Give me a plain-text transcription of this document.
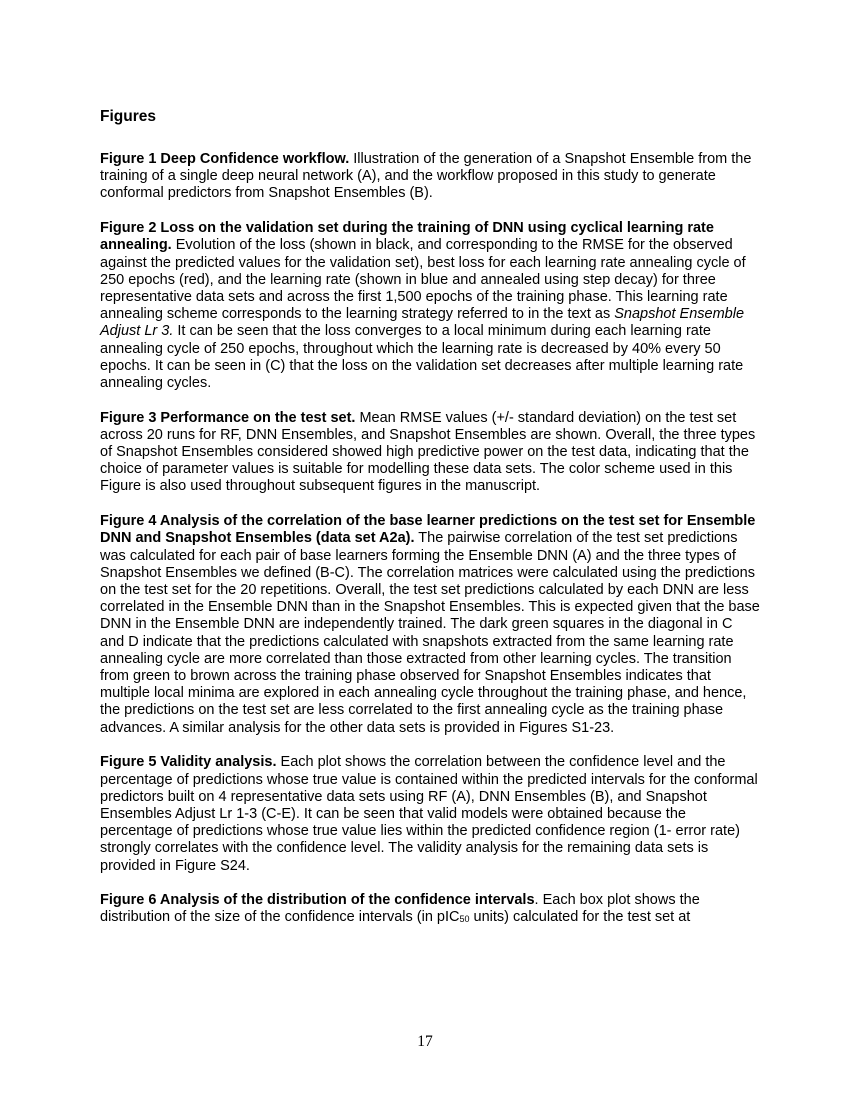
Figures

Figure 1 Deep Confidence workflow. Illustration of the generation of a Snapshot Ensemble from the training of a single deep neural network (A), and the workflow proposed in this study to generate conformal predictors from Snapshot Ensembles (B).

Figure 2 Loss on the validation set during the training of DNN using cyclical learning rate annealing. Evolution of the loss (shown in black, and corresponding to the RMSE for the observed against the predicted values for the validation set), best loss for each learning rate annealing cycle of 250 epochs (red), and the learning rate (shown in blue and annealed using step decay) for three representative data sets and across the first 1,500 epochs of the training phase. This learning rate annealing scheme corresponds to the learning strategy referred to in the text as Snapshot Ensemble Adjust Lr 3. It can be seen that the loss converges to a local minimum during each learning rate annealing cycle of 250 epochs, throughout which the learning rate is decreased by 40% every 50 epochs. It can be seen in (C) that the loss on the validation set decreases after multiple learning rate annealing cycles.

Figure 3 Performance on the test set. Mean RMSE values (+/- standard deviation) on the test set across 20 runs for RF, DNN Ensembles, and Snapshot Ensembles are shown. Overall, the three types of Snapshot Ensembles considered showed high predictive power on the test data, indicating that the choice of parameter values is suitable for modelling these data sets. The color scheme used in this Figure is also used throughout subsequent figures in the manuscript.

Figure 4 Analysis of the correlation of the base learner predictions on the test set for Ensemble DNN and Snapshot Ensembles (data set A2a). The pairwise correlation of the test set predictions was calculated for each pair of base learners forming the Ensemble DNN (A) and the three types of Snapshot Ensembles we defined (B-C). The correlation matrices were calculated using the predictions on the test set for the 20 repetitions. Overall, the test set predictions calculated by each DNN are less correlated in the Ensemble DNN than in the Snapshot Ensembles. This is expected given that the base DNN in the Ensemble DNN are independently trained. The dark green squares in the diagonal in C and D indicate that the predictions calculated with snapshots extracted from the same learning rate annealing cycle are more correlated than those extracted from other learning cycles. The transition from green to brown across the training phase observed for Snapshot Ensembles indicates that multiple local minima are explored in each annealing cycle throughout the training phase, and hence, the predictions on the test set are less correlated to the first annealing cycle as the training phase advances. A similar analysis for the other data sets is provided in Figures S1-23.

Figure 5 Validity analysis. Each plot shows the correlation between the confidence level and the percentage of predictions whose true value is contained within the predicted intervals for the conformal predictors built on 4 representative data sets using RF (A), DNN Ensembles (B), and Snapshot Ensembles Adjust Lr 1-3 (C-E). It can be seen that valid models were obtained because the percentage of predictions whose true value lies within the predicted confidence region (1- error rate) strongly correlates with the confidence level. The validity analysis for the remaining data sets is provided in Figure S24.

Figure 6 Analysis of the distribution of the confidence intervals. Each box plot shows the distribution of the size of the confidence intervals (in pIC$_{50}$ units) calculated for the test set at

17
